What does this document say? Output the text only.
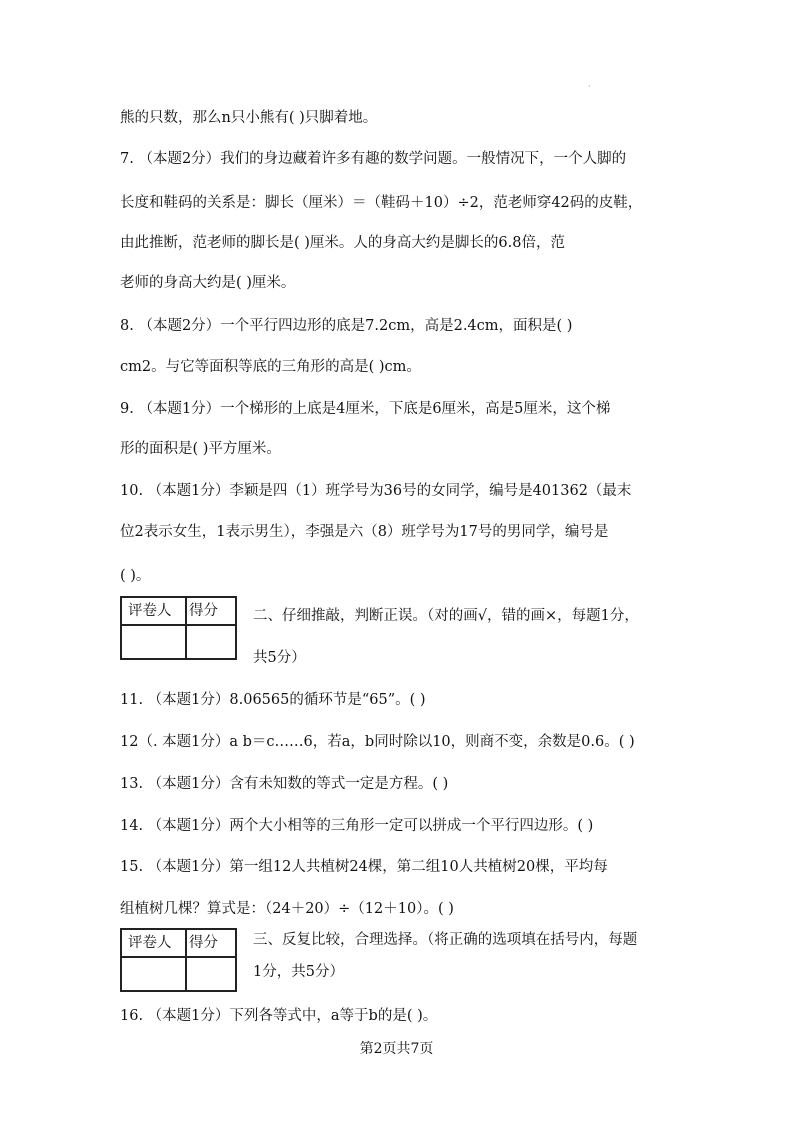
·
熊的只数，那么n只小熊有( )只脚着地。
7. （本题2分）我们的身边藏着许多有趣的数学问题。一般情况下，一个人脚的
长度和鞋码的关系是：脚长（厘米）＝（鞋码＋10）÷2，范老师穿42码的皮鞋，
由此推断，范老师的脚长是( )厘米。人的身高大约是脚长的6.8倍，范
老师的身高大约是( )厘米。
8. （本题2分）一个平行四边形的底是7.2cm，高是2.4cm，面积是( )
cm2。与它等面积等底的三角形的高是( )cm。
9. （本题1分）一个梯形的上底是4厘米，下底是6厘米，高是5厘米，这个梯
形的面积是( )平方厘米。
10. （本题1分）李颖是四（1）班学号为36号的女同学，编号是401362（最末
位2表示女生，1表示男生），李强是六（8）班学号为17号的男同学，编号是
( )。
评卷人 得分 二、仔细推敲，判断正误。（对的画√，错的画×，每题1分，
共5分）
11. （本题1分）8.06565的循环节是“65”。( )
12（. 本题1分）a b＝c……6，若a，b同时除以10，则商不变，余数是0.6。( )
13. （本题1分）含有未知数的等式一定是方程。( )
14. （本题1分）两个大小相等的三角形一定可以拼成一个平行四边形。( )
15. （本题1分）第一组12人共植树24棵，第二组10人共植树20棵，平均每
组植树几棵？算式是：（24＋20）÷（12＋10）。( )
评卷人 得分 三、反复比较，合理选择。（将正确的选项填在括号内，每题
1分，共5分）
16. （本题1分）下列各等式中，a等于b的是( )。
第2页共7页
